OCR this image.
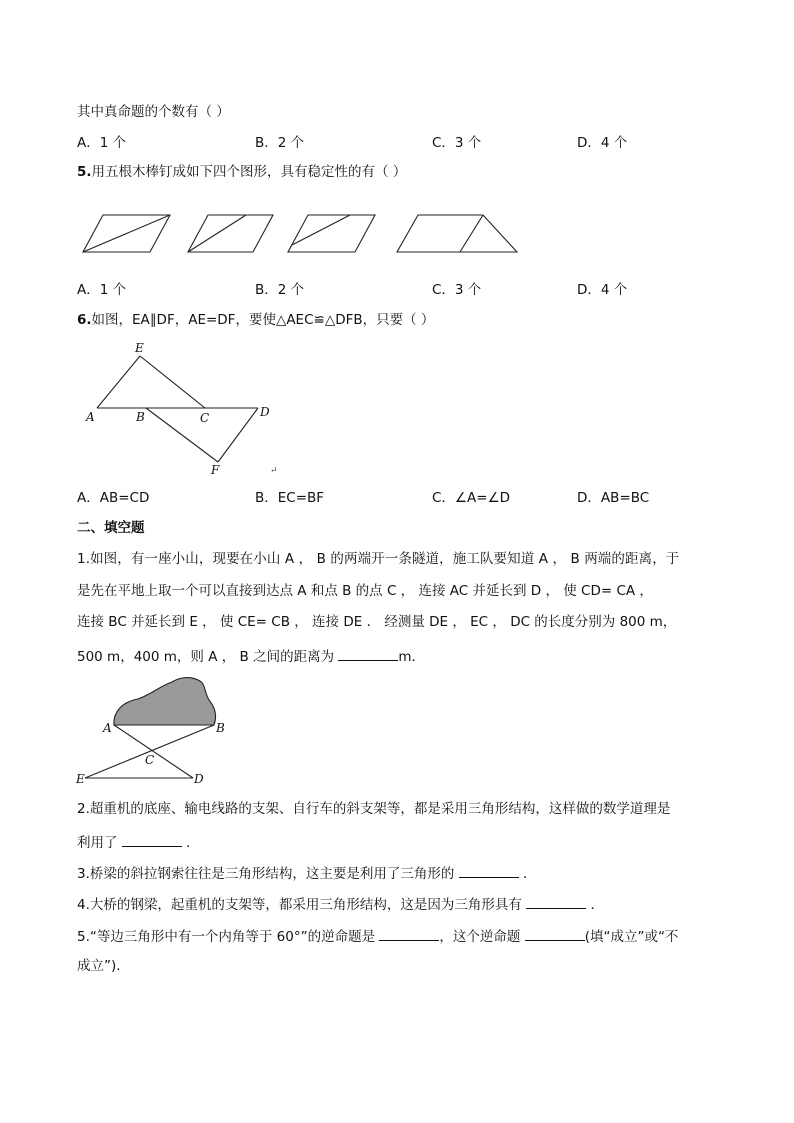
其中真命题的个数有（ ）
A．1 个	B．2 个	C．3 个	D．4 个
5.用五根木棒钉成如下四个图形，具有稳定性的有（ ）
A．1 个	B．2 个	C．3 个	D．4 个
6.如图，EA∥DF，AE=DF，要使△AEC≌△DFB，只要（ ）
E
A	B	C	D
F	↵
A．AB=CD	B．EC=BF	C．∠A=∠D	D．AB=BC
二、填空题
1.如图，有一座小山，现要在小山 A ， B 的两端开一条隧道，施工队要知道 A ， B 两端的距离，于
是先在平地上取一个可以直接到达点 A 和点 B 的点 C ， 连接 AC 并延长到 D ， 使 CD= CA ，
连接 BC 并延长到 E ， 使 CE= CB ， 连接 DE ． 经测量 DE ， EC ， DC 的长度分别为 800 m，
500 m，400 m，则 A ， B 之间的距离为	m．
A	B
C
E	D
2.超重机的底座、输电线路的支架、自行车的斜支架等，都是采用三角形结构，这样做的数学道理是
利用了	．
3.桥梁的斜拉钢索往往是三角形结构，这主要是利用了三角形的	．
4.大桥的钢梁，起重机的支架等，都采用三角形结构，这是因为三角形具有	．
5.“等边三角形中有一个内角等于 60°”的逆命题是	，这个逆命题	(填“成立”或“不
成立”).
